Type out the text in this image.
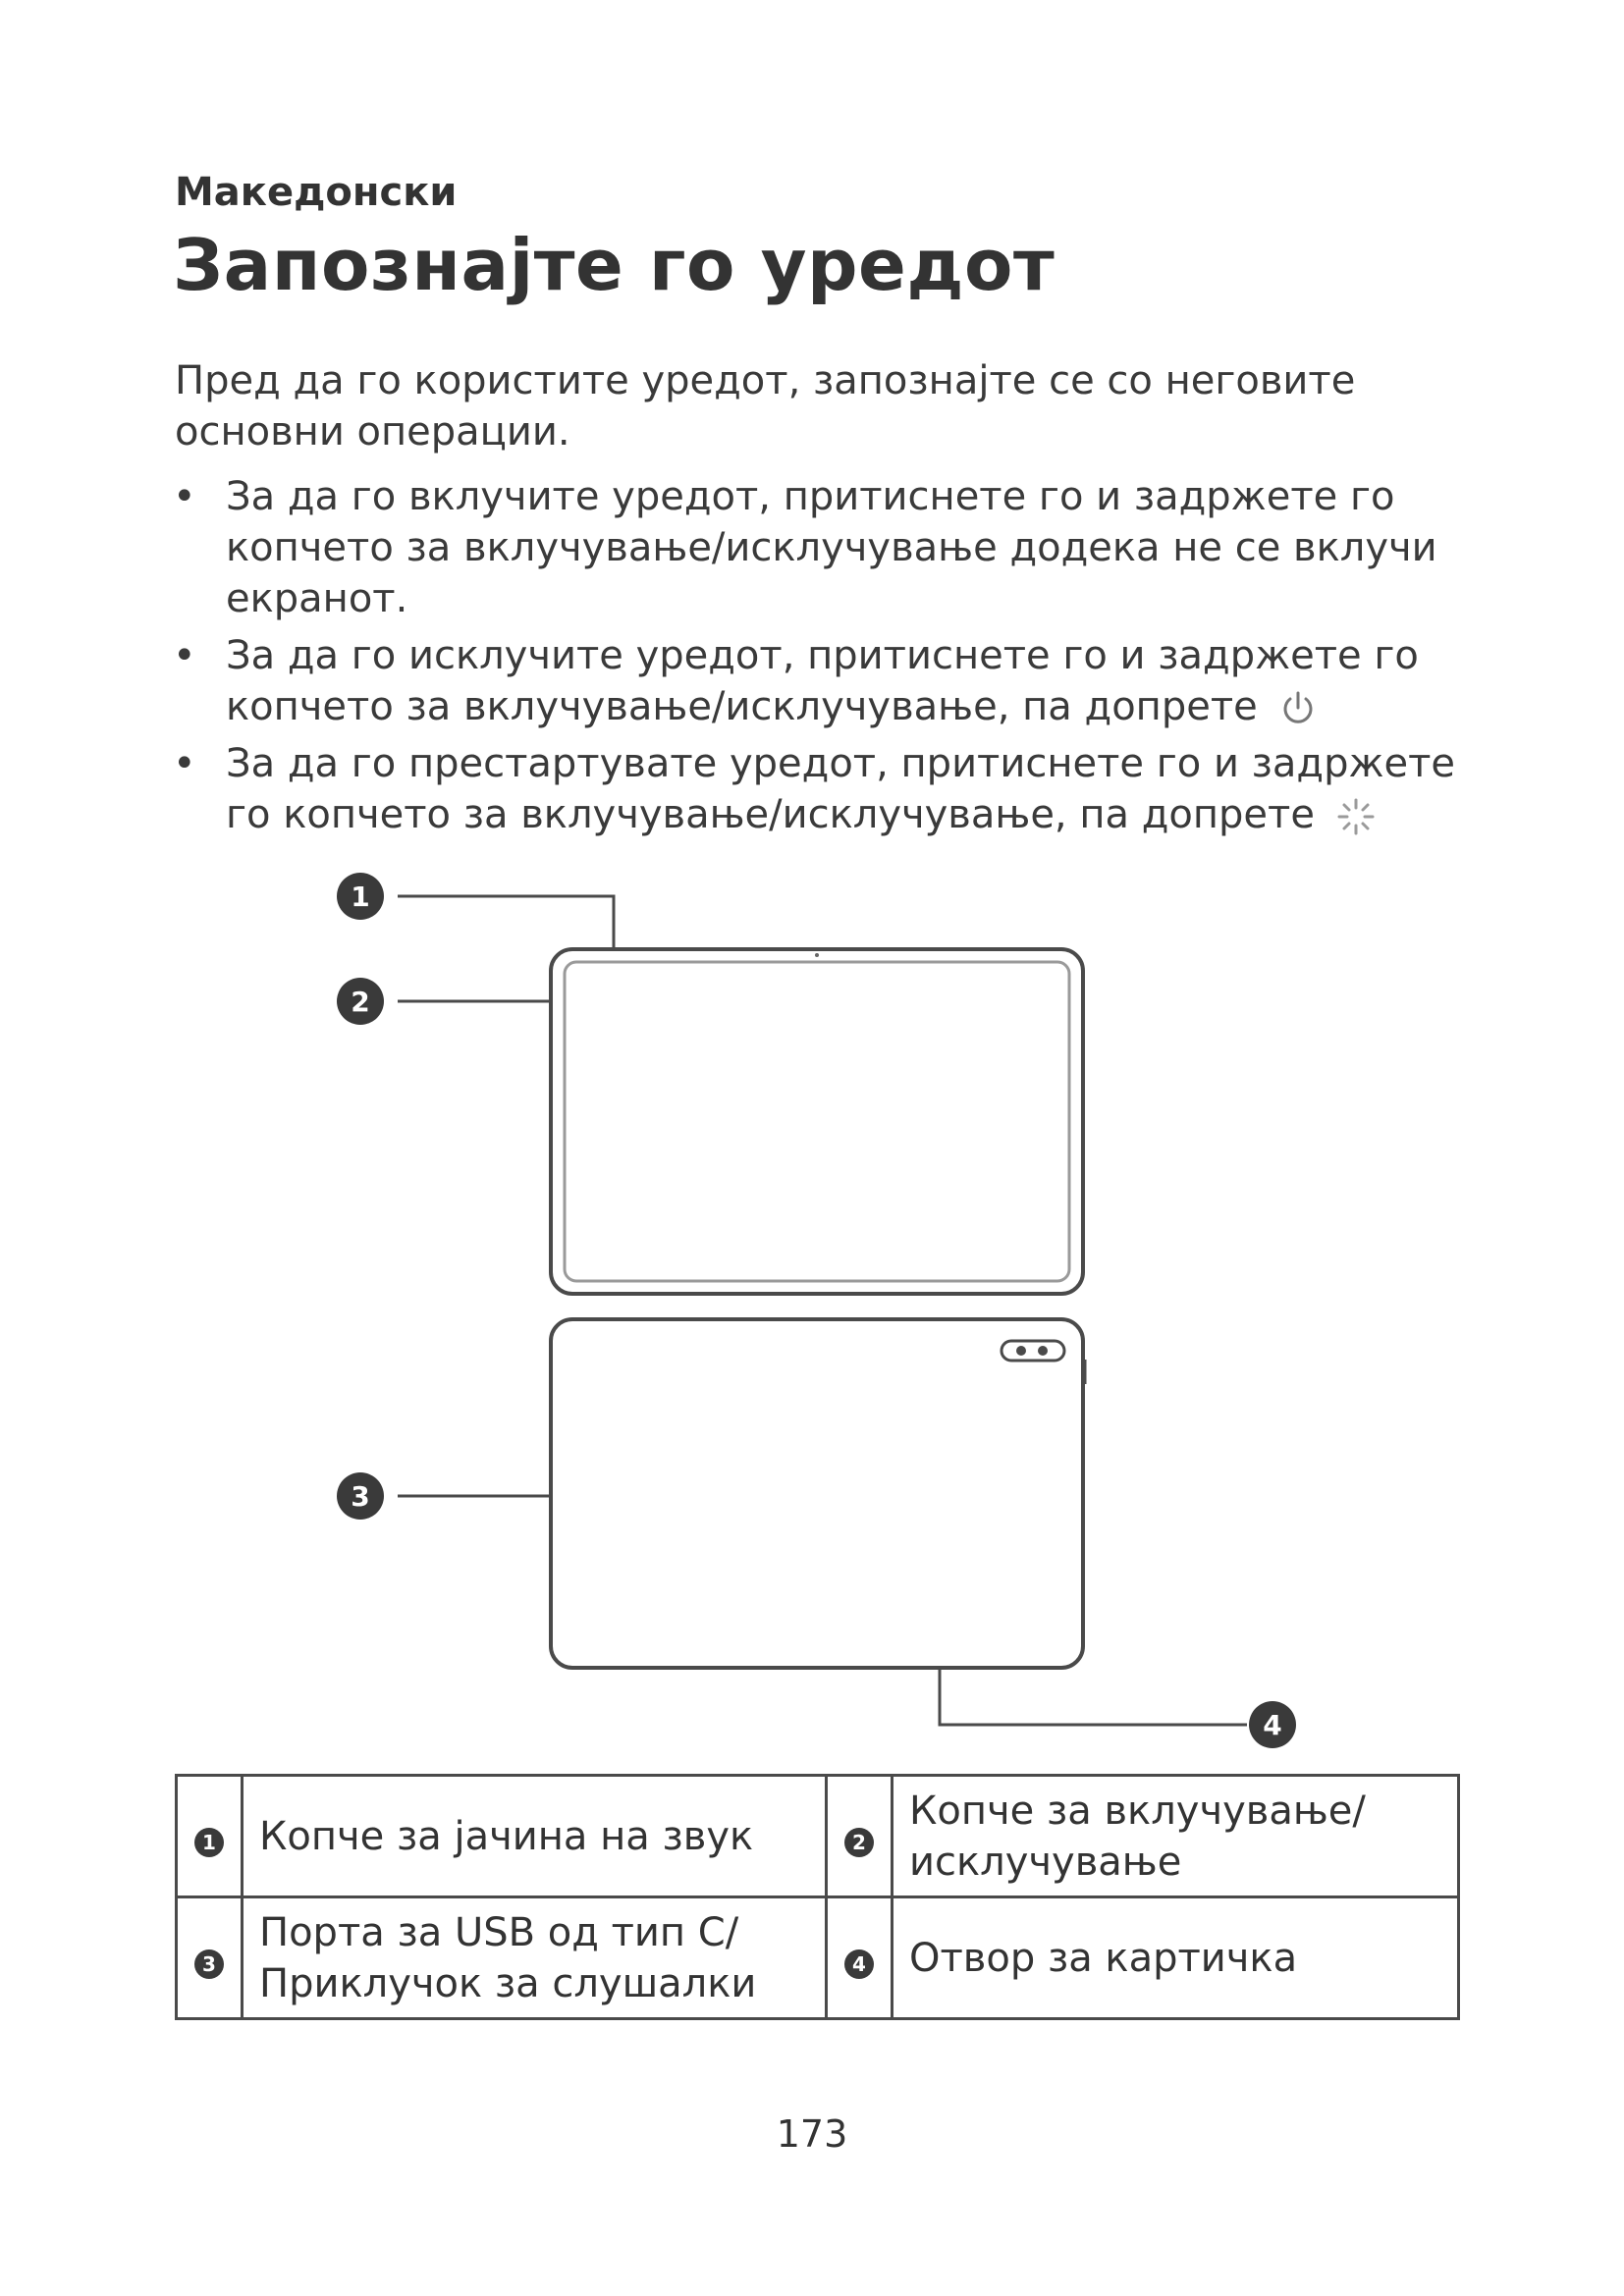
Македонски
Запознајте го уредот
Пред да го користите уредот, запознајте се со неговите основни операции.
• За да го вклучите уредот, притиснете го и задржете го копчето за вклучување/исклучување додека не се вклучи екранот.
• За да го исклучите уредот, притиснете го и задржете го копчето за вклучување/исклучување, па допрете
• За да го престартувате уредот, притиснете го и задржете го копчето за вклучување/исклучување, па допрете
1
2
3
4
1	Копче за јачина на звук	2	Копче за вклучување/ исклучување
3	Порта за USB од тип C/ Приклучок за слушалки	4	Отвор за картичка
173
